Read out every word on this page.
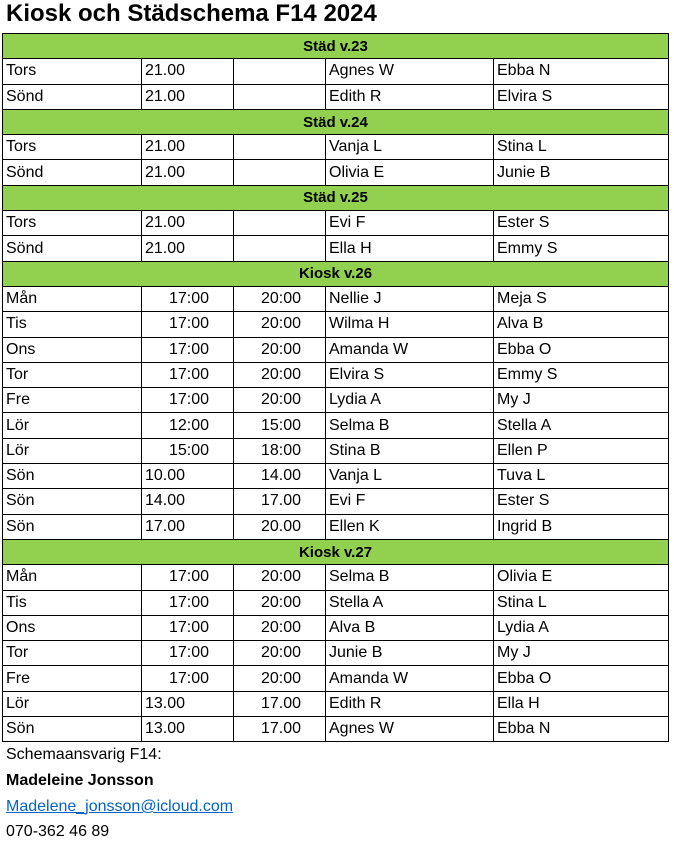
Kiosk och Städschema F14 2024
Städ v.23				
Tors	21.00		Agnes W	Ebba N
Sönd	21.00		Edith R	Elvira S
Städ v.24				
Tors	21.00		Vanja L	Stina L
Sönd	21.00		Olivia E	Junie B
Städ v.25				
Tors	21.00		Evi F	Ester S
Sönd	21.00		Ella H	Emmy S
Kiosk v.26				
Mån	17:00	20:00	Nellie J	Meja S
Tis	17:00	20:00	Wilma H	Alva B
Ons	17:00	20:00	Amanda W	Ebba O
Tor	17:00	20:00	Elvira S	Emmy S
Fre	17:00	20:00	Lydia A	My J
Lör	12:00	15:00	Selma B	Stella A
Lör	15:00	18:00	Stina B	Ellen P
Sön	10.00	14.00	Vanja L	Tuva L
Sön	14.00	17.00	Evi F	Ester S
Sön	17.00	20.00	Ellen K	Ingrid B
Kiosk v.27				
Mån	17:00	20:00	Selma B	Olivia E
Tis	17:00	20:00	Stella A	Stina L
Ons	17:00	20:00	Alva B	Lydia A
Tor	17:00	20:00	Junie B	My J
Fre	17:00	20:00	Amanda W	Ebba O
Lör	13.00	17.00	Edith R	Ella H
Sön	13.00	17.00	Agnes W	Ebba N
Schemaansvarig F14:
Madeleine Jonsson
Madelene_jonsson@icloud.com
070-362 46 89
